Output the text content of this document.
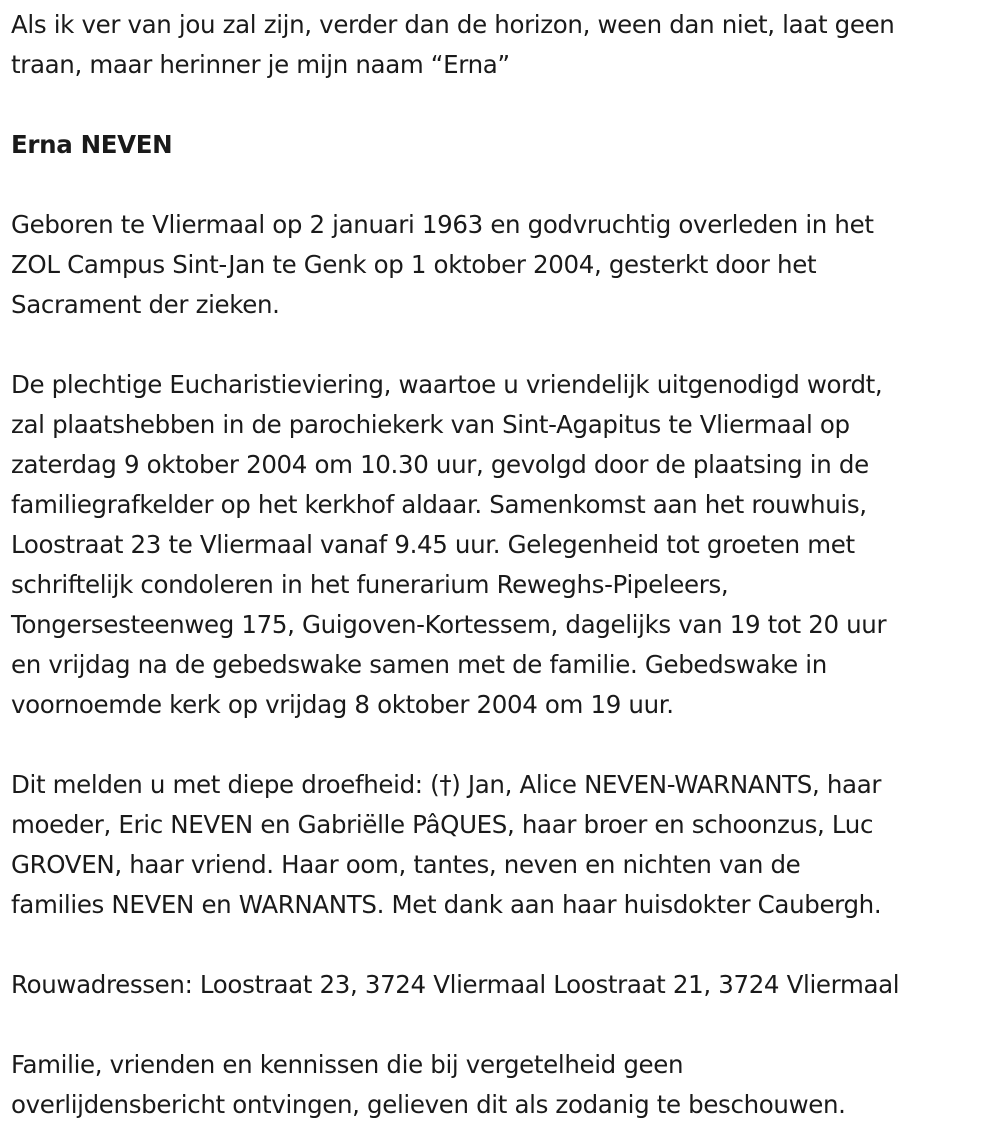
Als ik ver van jou zal zijn, verder dan de horizon, ween dan niet, laat geen
traan, maar herinner je mijn naam “Erna”
Erna NEVEN
Geboren te Vliermaal op 2 januari 1963 en godvruchtig overleden in het
ZOL Campus Sint-Jan te Genk op 1 oktober 2004, gesterkt door het
Sacrament der zieken.
De plechtige Eucharistieviering, waartoe u vriendelijk uitgenodigd wordt,
zal plaatshebben in de parochiekerk van Sint-Agapitus te Vliermaal op
zaterdag 9 oktober 2004 om 10.30 uur, gevolgd door de plaatsing in de
familiegrafkelder op het kerkhof aldaar. Samenkomst aan het rouwhuis,
Loostraat 23 te Vliermaal vanaf 9.45 uur. Gelegenheid tot groeten met
schriftelijk condoleren in het funerarium Reweghs-Pipeleers,
Tongersesteenweg 175, Guigoven-Kortessem, dagelijks van 19 tot 20 uur
en vrijdag na de gebedswake samen met de familie. Gebedswake in
voornoemde kerk op vrijdag 8 oktober 2004 om 19 uur.
Dit melden u met diepe droefheid: (†) Jan, Alice NEVEN-WARNANTS, haar
moeder, Eric NEVEN en Gabriëlle PâQUES, haar broer en schoonzus, Luc
GROVEN, haar vriend. Haar oom, tantes, neven en nichten van de
families NEVEN en WARNANTS. Met dank aan haar huisdokter Caubergh.
Rouwadressen: Loostraat 23, 3724 Vliermaal Loostraat 21, 3724 Vliermaal
Familie, vrienden en kennissen die bij vergetelheid geen
overlijdensbericht ontvingen, gelieven dit als zodanig te beschouwen.
